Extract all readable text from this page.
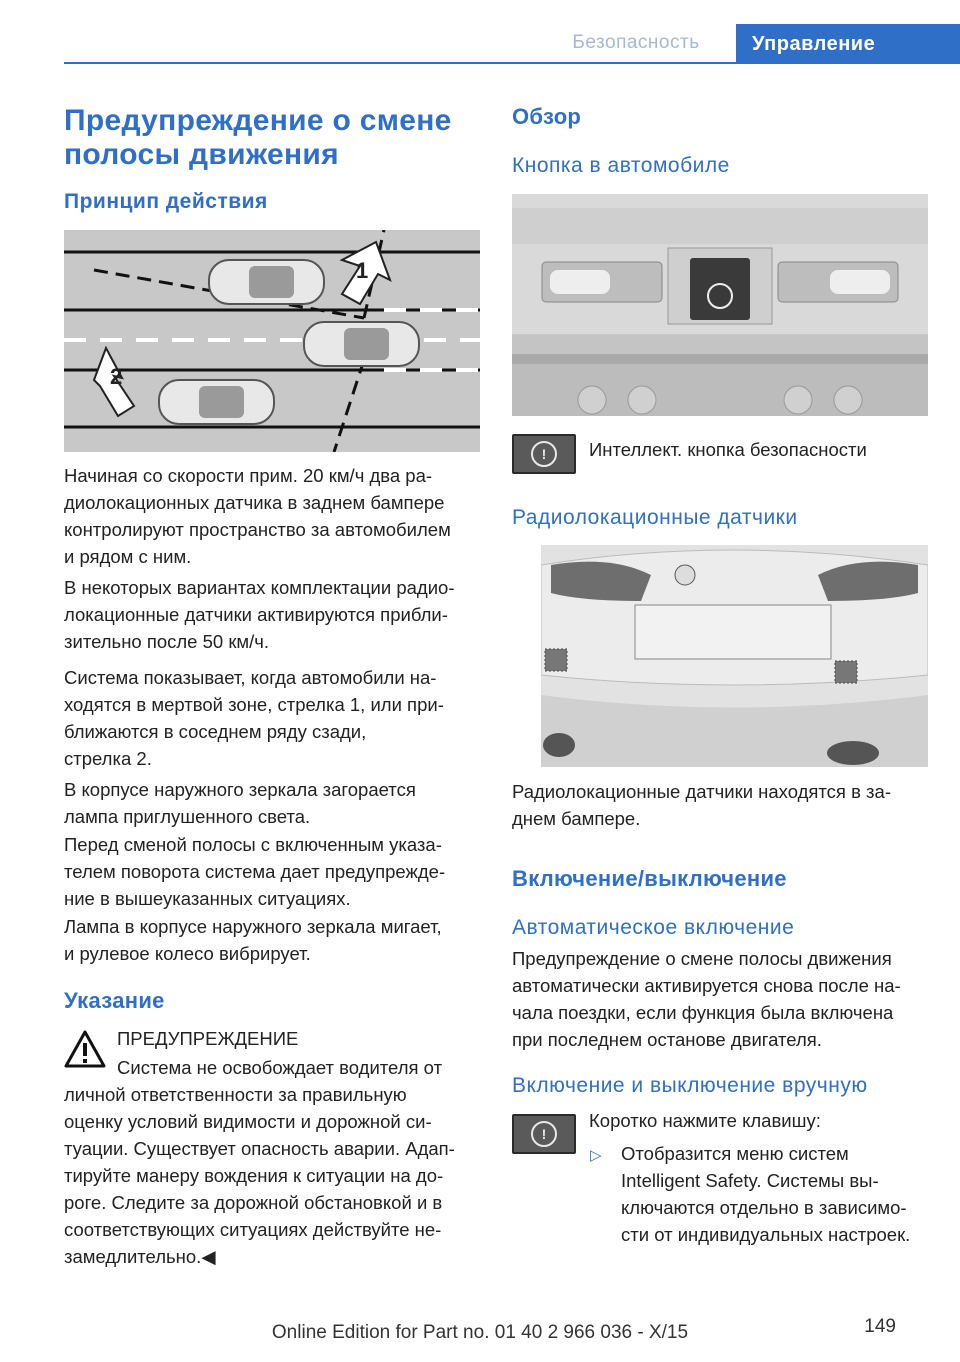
Безопасность	Управление
Предупреждение о смене
полосы движения
Принцип действия
1
2

Начиная со скорости прим. 20 км/ч два ра‐
диолокационных датчика в заднем бампере
контролируют пространство за автомобилем
и рядом с ним.

В некоторых вариантах комплектации радио‐
локационные датчики активируются прибли‐
зительно после 50 км/ч.

Система показывает, когда автомобили на‐
ходятся в мертвой зоне, стрелка 1, или при‐
ближаются в соседнем ряду сзади,
стрелка 2.

В корпусе наружного зеркала загорается
лампа приглушенного света.

Перед сменой полосы с включенным указа‐
телем поворота система дает предупрежде‐
ние в вышеуказанных ситуациях.

Лампа в корпусе наружного зеркала мигает,
и рулевое колесо вибрирует.

Указание

ПРЕДУПРЕЖДЕНИЕ

Система не освобождает водителя от

личной ответственности за правильную
оценку условий видимости и дорожной си‐
туации. Существует опасность аварии. Адап‐
тируйте манеру вождения к ситуации на до‐
роге. Следите за дорожной обстановкой и в
соответствующих ситуациях действуйте не‐
замедлительно.◀

Обзор
Кнопка в автомобиле
!	Интеллект. кнопка безопасности

Радиолокационные датчики

Радиолокационные датчики находятся в за‐
днем бампере.

Включение/выключение
Автоматическое включение

Предупреждение о смене полосы движения
автоматически активируется снова после на‐
чала поездки, если функция была включена
при последнем останове двигателя.

Включение и выключение вручную
!

Коротко нажмите клавишу:

▷ Отобразится меню систем
Intelligent Safety. Системы вы‐
ключаются отдельно в зависимо‐
сти от индивидуальных настроек.

149
Online Edition for Part no. 01 40 2 966 036 - X/15
